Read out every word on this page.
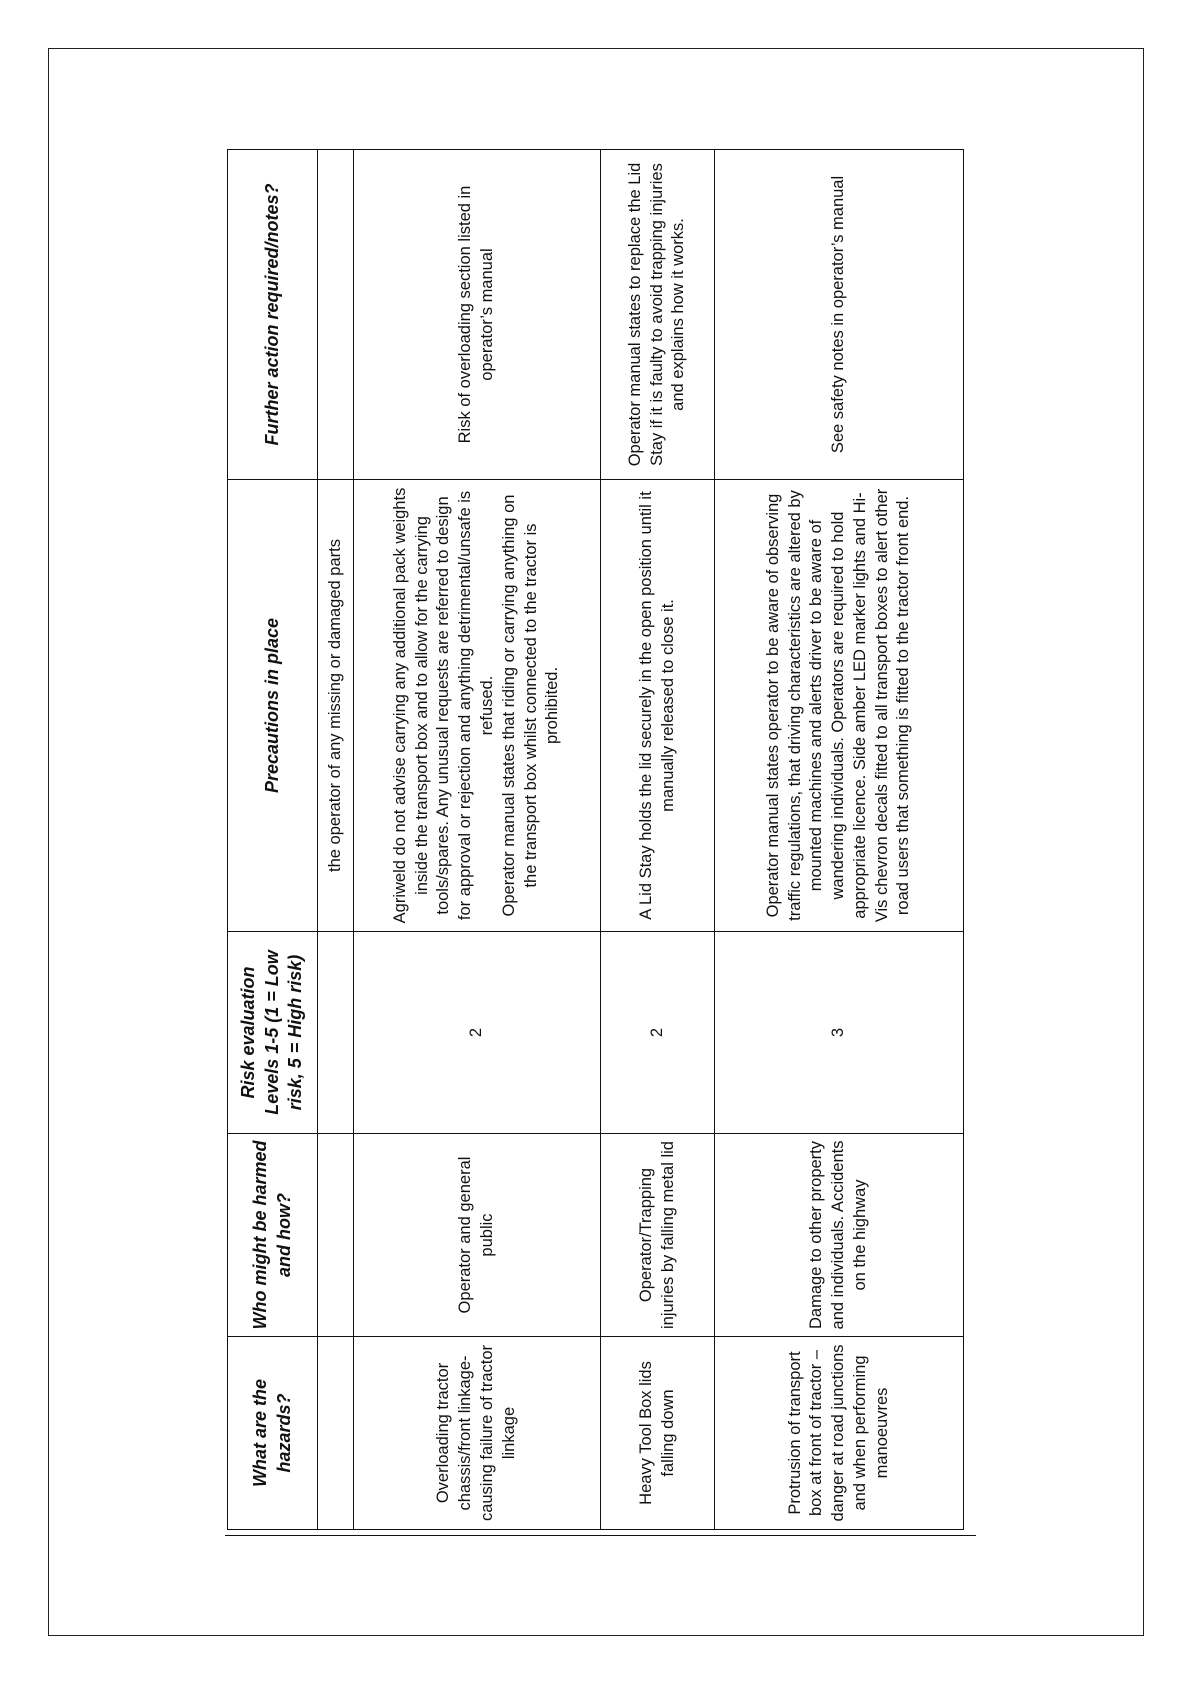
What are the hazards?	Who might be harmed and how?	Risk evaluation Levels 1-5 (1 = Low risk, 5 = High risk)	Precautions in place	Further action required/notes?
			the operator of any missing or damaged parts	
Overloading tractor chassis/front linkage- causing failure of tractor linkage	Operator and general public	2	Agriweld do not advise carrying any additional pack weights inside the transport box and to allow for the carrying tools/spares. Any unusual requests are referred to design for approval or rejection and anything detrimental/unsafe is refused. Operator manual states that riding or carrying anything on the transport box whilst connected to the tractor is prohibited.	Risk of overloading section listed in operator’s manual
Heavy Tool Box lids falling down	Operator/Trapping injuries by falling metal lid	2	A Lid Stay holds the lid securely in the open position until it manually released to close it.	Operator manual states to replace the Lid Stay if it is faulty to avoid trapping injuries and explains how it works.
Protrusion of transport box at front of tractor – danger at road junctions and when performing manoeuvres	Damage to other property and individuals. Accidents on the highway	3	Operator manual states operator to be aware of observing traffic regulations, that driving characteristics are altered by mounted machines and alerts driver to be aware of wandering individuals. Operators are required to hold appropriate licence. Side amber LED marker lights and Hi-Vis chevron decals fitted to all transport boxes to alert other road users that something is fitted to the tractor front end.	See safety notes in operator’s manual
